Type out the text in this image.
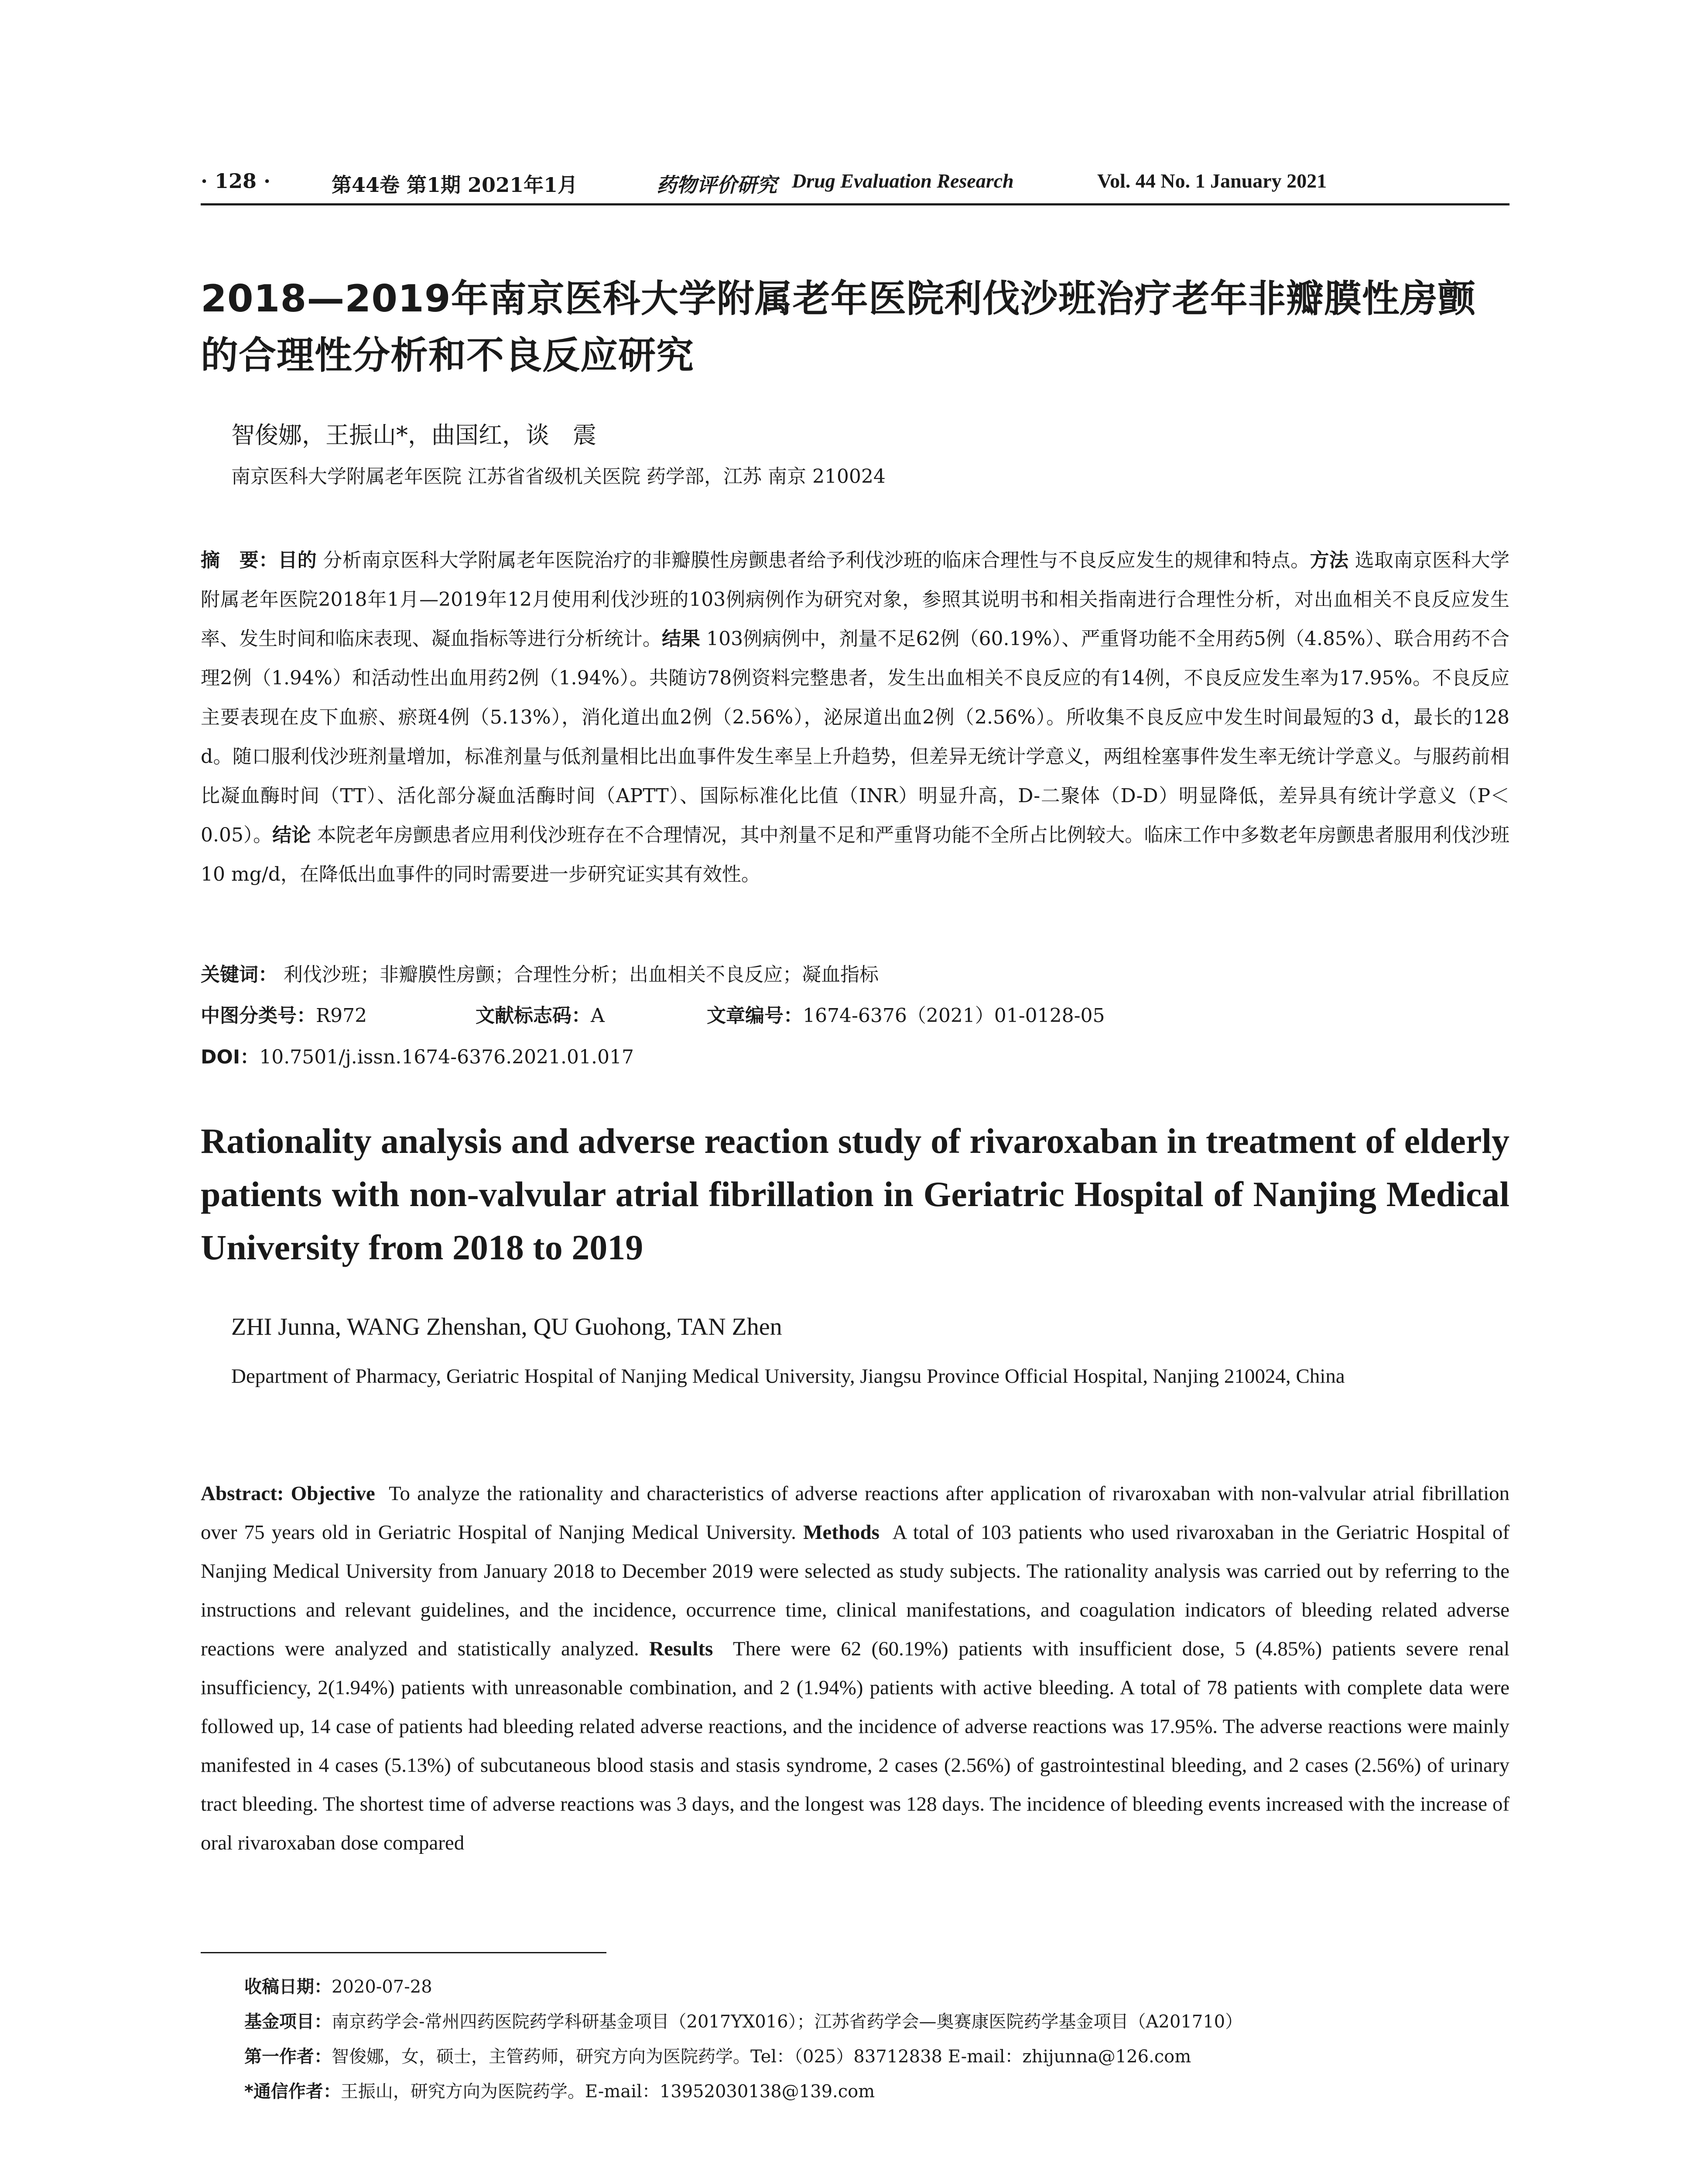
· 128 ·	第44卷 第1期 2021年1月	药物评价研究 Drug Evaluation Research	Vol. 44 No. 1 January 2021
2018—2019年南京医科大学附属老年医院利伐沙班治疗老年非瓣膜性房颤的合理性分析和不良反应研究

智俊娜，王振山*，曲国红，谈　震

南京医科大学附属老年医院 江苏省省级机关医院 药学部，江苏 南京 210024

摘　要：目的 分析南京医科大学附属老年医院治疗的非瓣膜性房颤患者给予利伐沙班的临床合理性与不良反应发生的规律和特点。方法 选取南京医科大学附属老年医院2018年1月—2019年12月使用利伐沙班的103例病例作为研究对象，参照其说明书和相关指南进行合理性分析，对出血相关不良反应发生率、发生时间和临床表现、凝血指标等进行分析统计。结果 103例病例中，剂量不足62例（60.19%）、严重肾功能不全用药5例（4.85%）、联合用药不合理2例（1.94%）和活动性出血用药2例（1.94%）。共随访78例资料完整患者，发生出血相关不良反应的有14例，不良反应发生率为17.95%。不良反应主要表现在皮下血瘀、瘀斑4例（5.13%），消化道出血2例（2.56%），泌尿道出血2例（2.56%）。所收集不良反应中发生时间最短的3 d，最长的128 d。随口服利伐沙班剂量增加，标准剂量与低剂量相比出血事件发生率呈上升趋势，但差异无统计学意义，两组栓塞事件发生率无统计学意义。与服药前相比凝血酶时间（TT）、活化部分凝血活酶时间（APTT）、国际标准化比值（INR）明显升高，D-二聚体（D-D）明显降低，差异具有统计学意义（P＜0.05）。结论 本院老年房颤患者应用利伐沙班存在不合理情况，其中剂量不足和严重肾功能不全所占比例较大。临床工作中多数老年房颤患者服用利伐沙班10 mg/d，在降低出血事件的同时需要进一步研究证实其有效性。

关键词： 利伐沙班；非瓣膜性房颤；合理性分析；出血相关不良反应；凝血指标
中图分类号：R972	文献标志码：A	文章编号：1674-6376（2021）01-0128-05
DOI：10.7501/j.issn.1674-6376.2021.01.017
Rationality analysis and adverse reaction study of rivaroxaban in treatment of elderly patients with non-valvular atrial fibrillation in Geriatric Hospital of Nanjing Medical University from 2018 to 2019

ZHI Junna, WANG Zhenshan, QU Guohong, TAN Zhen

Department of Pharmacy, Geriatric Hospital of Nanjing Medical University, Jiangsu Province Official Hospital, Nanjing 210024, China

Abstract: Objective To analyze the rationality and characteristics of adverse reactions after application of rivaroxaban with non-valvular atrial fibrillation over 75 years old in Geriatric Hospital of Nanjing Medical University. Methods A total of 103 patients who used rivaroxaban in the Geriatric Hospital of Nanjing Medical University from January 2018 to December 2019 were selected as study subjects. The rationality analysis was carried out by referring to the instructions and relevant guidelines, and the incidence, occurrence time, clinical manifestations, and coagulation indicators of bleeding related adverse reactions were analyzed and statistically analyzed. Results There were 62 (60.19%) patients with insufficient dose, 5 (4.85%) patients severe renal insufficiency, 2(1.94%) patients with unreasonable combination, and 2 (1.94%) patients with active bleeding. A total of 78 patients with complete data were followed up, 14 case of patients had bleeding related adverse reactions, and the incidence of adverse reactions was 17.95%. The adverse reactions were mainly manifested in 4 cases (5.13%) of subcutaneous blood stasis and stasis syndrome, 2 cases (2.56%) of gastrointestinal bleeding, and 2 cases (2.56%) of urinary tract bleeding. The shortest time of adverse reactions was 3 days, and the longest was 128 days. The incidence of bleeding events increased with the increase of oral rivaroxaban dose compared

收稿日期：2020-07-28
基金项目：南京药学会-常州四药医院药学科研基金项目（2017YX016）；江苏省药学会—奥赛康医院药学基金项目（A201710）
第一作者：智俊娜，女，硕士，主管药师，研究方向为医院药学。Tel：（025）83712838 E-mail：zhijunna@126.com
*通信作者：王振山，研究方向为医院药学。E-mail：13952030138@139.com
